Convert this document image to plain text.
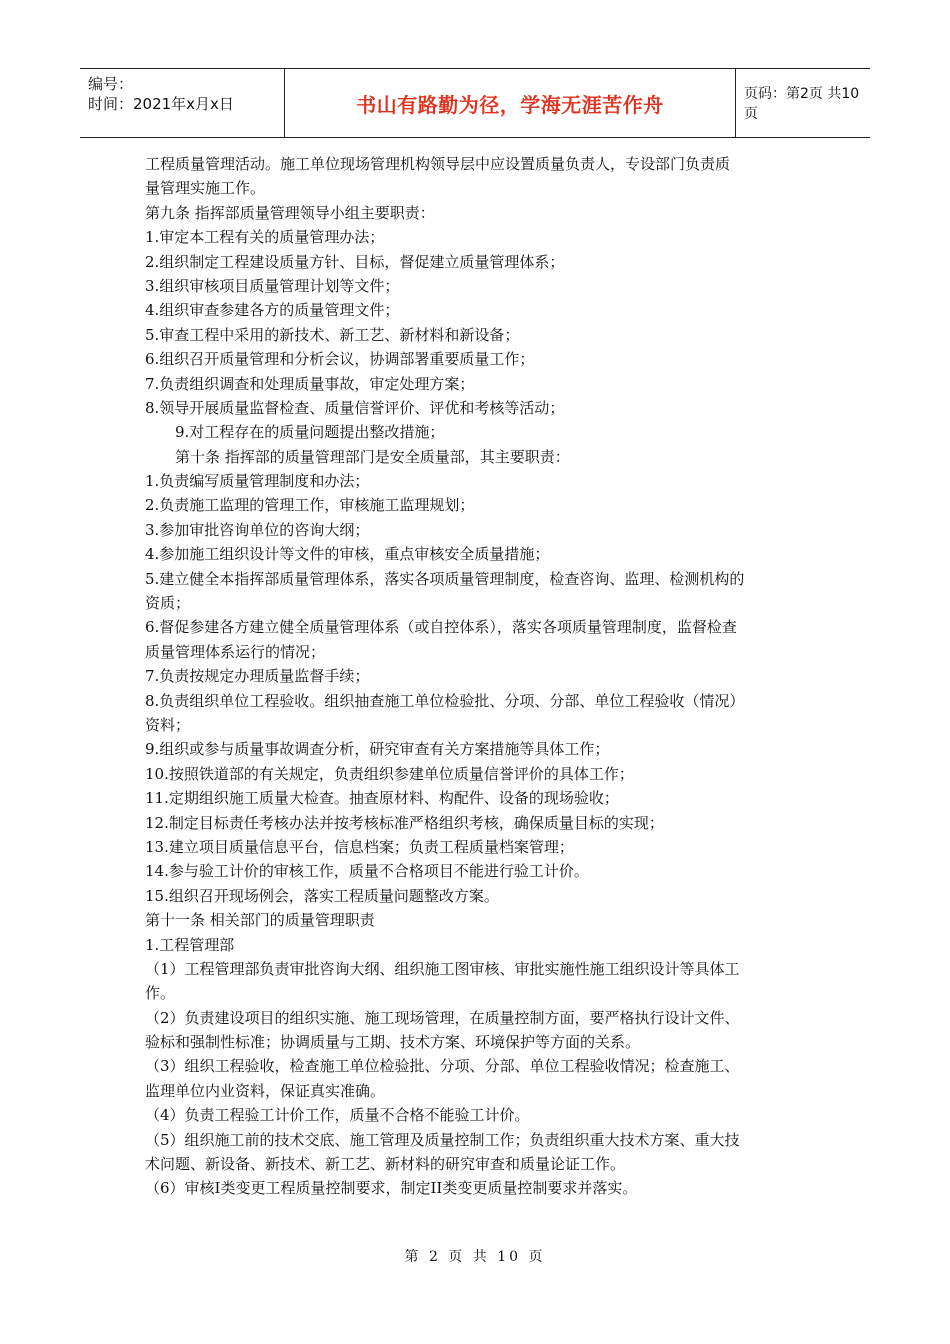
编号：
时间：2021年x月x日	书山有路勤为径，学海无涯苦作舟	页码：第2页 共10页
工程质量管理活动。施工单位现场管理机构领导层中应设置质量负责人，专设部门负责质
量管理实施工作。
第九条 指挥部质量管理领导小组主要职责：
1.审定本工程有关的质量管理办法；
2.组织制定工程建设质量方针、目标，督促建立质量管理体系；
3.组织审核项目质量管理计划等文件；
4.组织审查参建各方的质量管理文件；
5.审查工程中采用的新技术、新工艺、新材料和新设备；
6.组织召开质量管理和分析会议，协调部署重要质量工作；
7.负责组织调查和处理质量事故，审定处理方案；
8.领导开展质量监督检查、质量信誉评价、评优和考核等活动；
9.对工程存在的质量问题提出整改措施；
第十条 指挥部的质量管理部门是安全质量部，其主要职责：
1.负责编写质量管理制度和办法；
2.负责施工监理的管理工作，审核施工监理规划；
3.参加审批咨询单位的咨询大纲；
4.参加施工组织设计等文件的审核，重点审核安全质量措施；
5.建立健全本指挥部质量管理体系，落实各项质量管理制度，检查咨询、监理、检测机构的
资质；
6.督促参建各方建立健全质量管理体系（或自控体系），落实各项质量管理制度，监督检查
质量管理体系运行的情况；
7.负责按规定办理质量监督手续；
8.负责组织单位工程验收。组织抽查施工单位检验批、分项、分部、单位工程验收（情况）
资料；
9.组织或参与质量事故调查分析，研究审查有关方案措施等具体工作；
10.按照铁道部的有关规定，负责组织参建单位质量信誉评价的具体工作；
11.定期组织施工质量大检查。抽查原材料、构配件、设备的现场验收；
12.制定目标责任考核办法并按考核标准严格组织考核，确保质量目标的实现；
13.建立项目质量信息平台，信息档案；负责工程质量档案管理；
14.参与验工计价的审核工作，质量不合格项目不能进行验工计价。
15.组织召开现场例会，落实工程质量问题整改方案。
第十一条 相关部门的质量管理职责
1.工程管理部
（1）工程管理部负责审批咨询大纲、组织施工图审核、审批实施性施工组织设计等具体工
作。
（2）负责建设项目的组织实施、施工现场管理，在质量控制方面，要严格执行设计文件、
验标和强制性标准；协调质量与工期、技术方案、环境保护等方面的关系。
（3）组织工程验收，检查施工单位检验批、分项、分部、单位工程验收情况；检查施工、
监理单位内业资料，保证真实准确。
（4）负责工程验工计价工作，质量不合格不能验工计价。
（5）组织施工前的技术交底、施工管理及质量控制工作；负责组织重大技术方案、重大技
术问题、新设备、新技术、新工艺、新材料的研究审查和质量论证工作。
（6）审核I类变更工程质量控制要求，制定II类变更质量控制要求并落实。
第 2 页 共 10 页
